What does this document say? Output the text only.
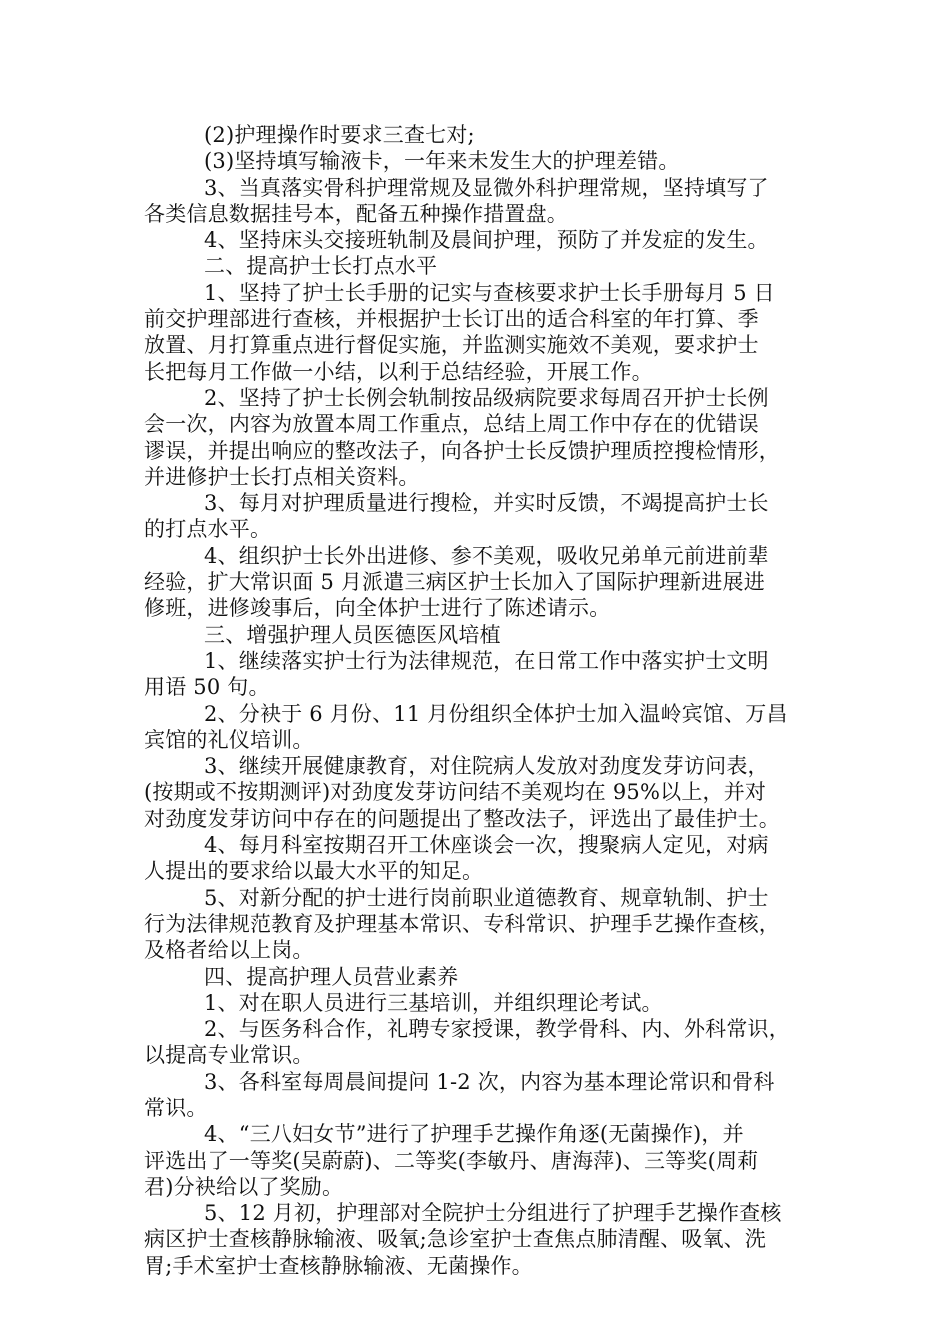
(2)护理操作时要求三查七对;
(3)坚持填写输液卡，一年来未发生大的护理差错。
3、当真落实骨科护理常规及显微外科护理常规，坚持填写了
各类信息数据挂号本，配备五种操作措置盘。
4、坚持床头交接班轨制及晨间护理，预防了并发症的发生。
二、提高护士长打点水平
1、坚持了护士长手册的记实与查核要求护士长手册每月 5 日
前交护理部进行查核，并根据护士长订出的适合科室的年打算、季
放置、月打算重点进行督促实施，并监测实施效不美观，要求护士
长把每月工作做一小结，以利于总结经验，开展工作。
2、坚持了护士长例会轨制按品级病院要求每周召开护士长例
会一次，内容为放置本周工作重点，总结上周工作中存在的优错误
谬误，并提出响应的整改法子，向各护士长反馈护理质控搜检情形，
并进修护士长打点相关资料。
3、每月对护理质量进行搜检，并实时反馈，不竭提高护士长
的打点水平。
4、组织护士长外出进修、参不美观，吸收兄弟单元前进前辈
经验，扩大常识面 5 月派遣三病区护士长加入了国际护理新进展进
修班，进修竣事后，向全体护士进行了陈述请示。
三、增强护理人员医德医风培植
1、继续落实护士行为法律规范，在日常工作中落实护士文明
用语 50 句。
2、分袂于 6 月份、11 月份组织全体护士加入温岭宾馆、万昌
宾馆的礼仪培训。
3、继续开展健康教育，对住院病人发放对劲度发芽访问表，
(按期或不按期测评)对劲度发芽访问结不美观均在 95%以上，并对
对劲度发芽访问中存在的问题提出了整改法子，评选出了最佳护士。
4、每月科室按期召开工休座谈会一次，搜聚病人定见，对病
人提出的要求给以最大水平的知足。
5、对新分配的护士进行岗前职业道德教育、规章轨制、护士
行为法律规范教育及护理基本常识、专科常识、护理手艺操作查核，
及格者给以上岗。
四、提高护理人员营业素养
1、对在职人员进行三基培训，并组织理论考试。
2、与医务科合作，礼聘专家授课，教学骨科、内、外科常识，
以提高专业常识。
3、各科室每周晨间提问 1-2 次，内容为基本理论常识和骨科
常识。
4、“三八妇女节”进行了护理手艺操作角逐(无菌操作)，并
评选出了一等奖(吴蔚蔚)、二等奖(李敏丹、唐海萍)、三等奖(周莉
君)分袂给以了奖励。
5、12 月初，护理部对全院护士分组进行了护理手艺操作查核
病区护士查核静脉输液、吸氧;急诊室护士查焦点肺清醒、吸氧、洗
胃;手术室护士查核静脉输液、无菌操作。
